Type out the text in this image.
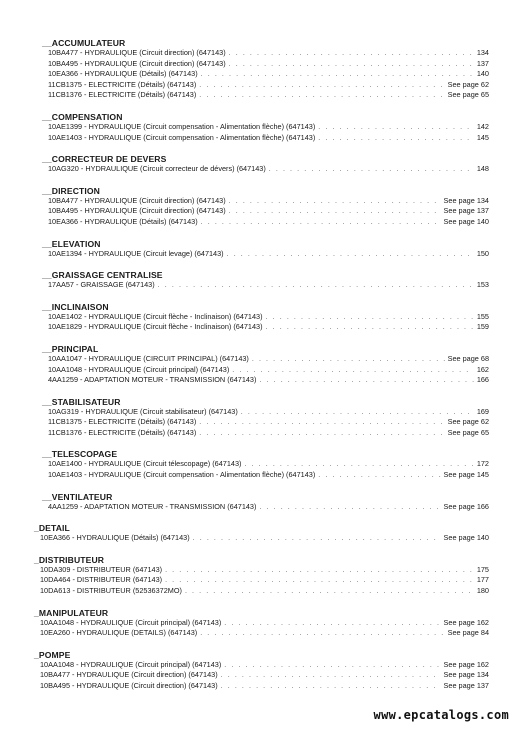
__ACCUMULATEUR
10BA477 - HYDRAULIQUE (Circuit direction) (647143) . . .	134
10BA495 - HYDRAULIQUE (Circuit direction) (647143) . . .	137
10EA366 - HYDRAULIQUE (Détails) (647143) . . .	140
11CB1375 - ELECTRICITE (Détails) (647143) . . .	See page 62
11CB1376 - ELECTRICITE (Détails) (647143) . . .	See page 65
__COMPENSATION
10AE1399 - HYDRAULIQUE (Circuit compensation - Alimentation flèche) (647143) . . .	142
10AE1403 - HYDRAULIQUE (Circuit compensation - Alimentation flèche) (647143) . . .	145
__CORRECTEUR DE DEVERS
10AG320 - HYDRAULIQUE (Circuit correcteur de dévers) (647143) . . .	148
__DIRECTION
10BA477 - HYDRAULIQUE (Circuit direction) (647143) . . .	See page 134
10BA495 - HYDRAULIQUE (Circuit direction) (647143) . . .	See page 137
10EA366 - HYDRAULIQUE (Détails) (647143) . . .	See page 140
__ELEVATION
10AE1394 - HYDRAULIQUE (Circuit levage) (647143) . . .	150
__GRAISSAGE CENTRALISE
17AA57 - GRAISSAGE (647143) . . .	153
__INCLINAISON
10AE1402 - HYDRAULIQUE (Circuit flèche - Inclinaison) (647143) . . .	155
10AE1829 - HYDRAULIQUE (Circuit flèche - Inclinaison) (647143) . . .	159
__PRINCIPAL
10AA1047 - HYDRAULIQUE (CIRCUIT PRINCIPAL) (647143) . . .	See page 68
10AA1048 - HYDRAULIQUE (Circuit principal) (647143) . . .	162
4AA1259 - ADAPTATION MOTEUR - TRANSMISSION (647143) . . .	166
__STABILISATEUR
10AG319 - HYDRAULIQUE (Circuit stabilisateur) (647143) . . .	169
11CB1375 - ELECTRICITE (Détails) (647143) . . .	See page 62
11CB1376 - ELECTRICITE (Détails) (647143) . . .	See page 65
__TELESCOPAGE
10AE1400 - HYDRAULIQUE (Circuit télescopage) (647143) . . .	172
10AE1403 - HYDRAULIQUE (Circuit compensation - Alimentation flèche) (647143) . . .	See page 145
__VENTILATEUR
4AA1259 - ADAPTATION MOTEUR - TRANSMISSION (647143) . . .	See page 166
_DETAIL
10EA366 - HYDRAULIQUE (Détails) (647143) . . .	See page 140
_DISTRIBUTEUR
10DA309 - DISTRIBUTEUR (647143) . . .	175
10DA464 - DISTRIBUTEUR (647143) . . .	177
10DA613 - DISTRIBUTEUR (52536372MO) . . .	180
_MANIPULATEUR
10AA1048 - HYDRAULIQUE (Circuit principal) (647143) . . .	See page 162
10EA260 - HYDRAULIQUE (DETAILS) (647143) . . .	See page 84
_POMPE
10AA1048 - HYDRAULIQUE (Circuit principal) (647143) . . .	See page 162
10BA477 - HYDRAULIQUE (Circuit direction) (647143) . . .	See page 134
10BA495 - HYDRAULIQUE (Circuit direction) (647143) . . .	See page 137
www.epcatalogs.com
